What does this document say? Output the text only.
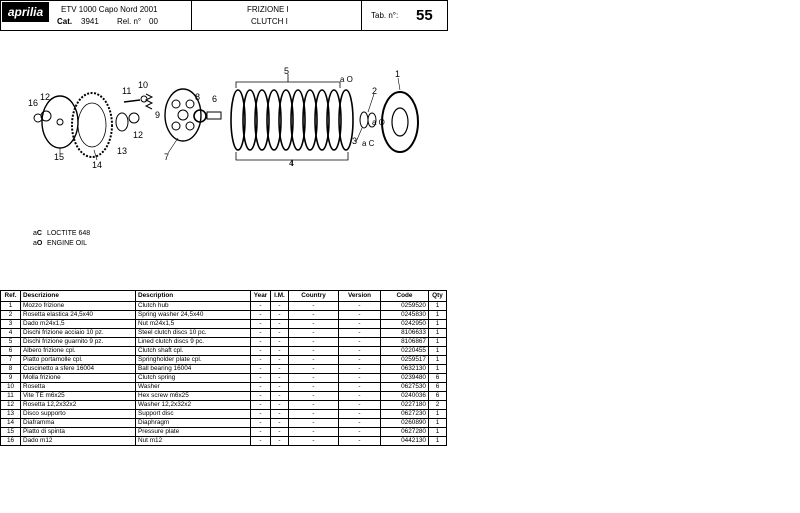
aprilia	ETV 1000 Capo Nord 2001
Cat. 3941 Rel. n° 00
FRIZIONE I
CLUTCH I
Tab. n°: 55
1
2
3
4
5
6
7
8
9
10
11
12
12
13
14
15
16
a O
a C
a O
aC LOCTITE 648
aO ENGINE OIL
Ref.	Descrizione	Description	Year	I.M.	Country	Version	Code	Qty
1	Mozzo frizione	Clutch hub	-	-	-	-	0259520	1
2	Rosetta elastica 24,5x40	Spring washer 24,5x40	-	-	-	-	0245830	1
3	Dado m24x1,5	Nut m24x1,5	-	-	-	-	0242950	1
4	Dischi frizione acciaio 10 pz.	Steel clutch discs 10 pc.	-	-	-	-	8106633	1
5	Dischi frizione guarnito 9 pz.	Lined clutch discs 9 pc.	-	-	-	-	8106867	1
6	Albero frizione cpl.	Clutch shaft cpl.	-	-	-	-	0220455	1
7	Piatto portamolle cpl.	Springholder plate cpl.	-	-	-	-	0259517	1
8	Cuscinetto a sfere 16004	Ball bearing 16004	-	-	-	-	0632130	1
9	Molla frizione	Clutch spring	-	-	-	-	0239480	6
10	Rosetta	Washer	-	-	-	-	0627530	6
11	Vite TE m6x25	Hex screw m6x25	-	-	-	-	0240036	6
12	Rosetta 12,2x32x2	Washer 12,2x32x2	-	-	-	-	0227180	2
13	Disco supporto	Support disc	-	-	-	-	0627230	1
14	Diaframma	Diaphragm	-	-	-	-	0260890	1
15	Piatto di spinta	Pressure plate	-	-	-	-	0627280	1
16	Dado m12	Nut m12	-	-	-	-	0442130	1
